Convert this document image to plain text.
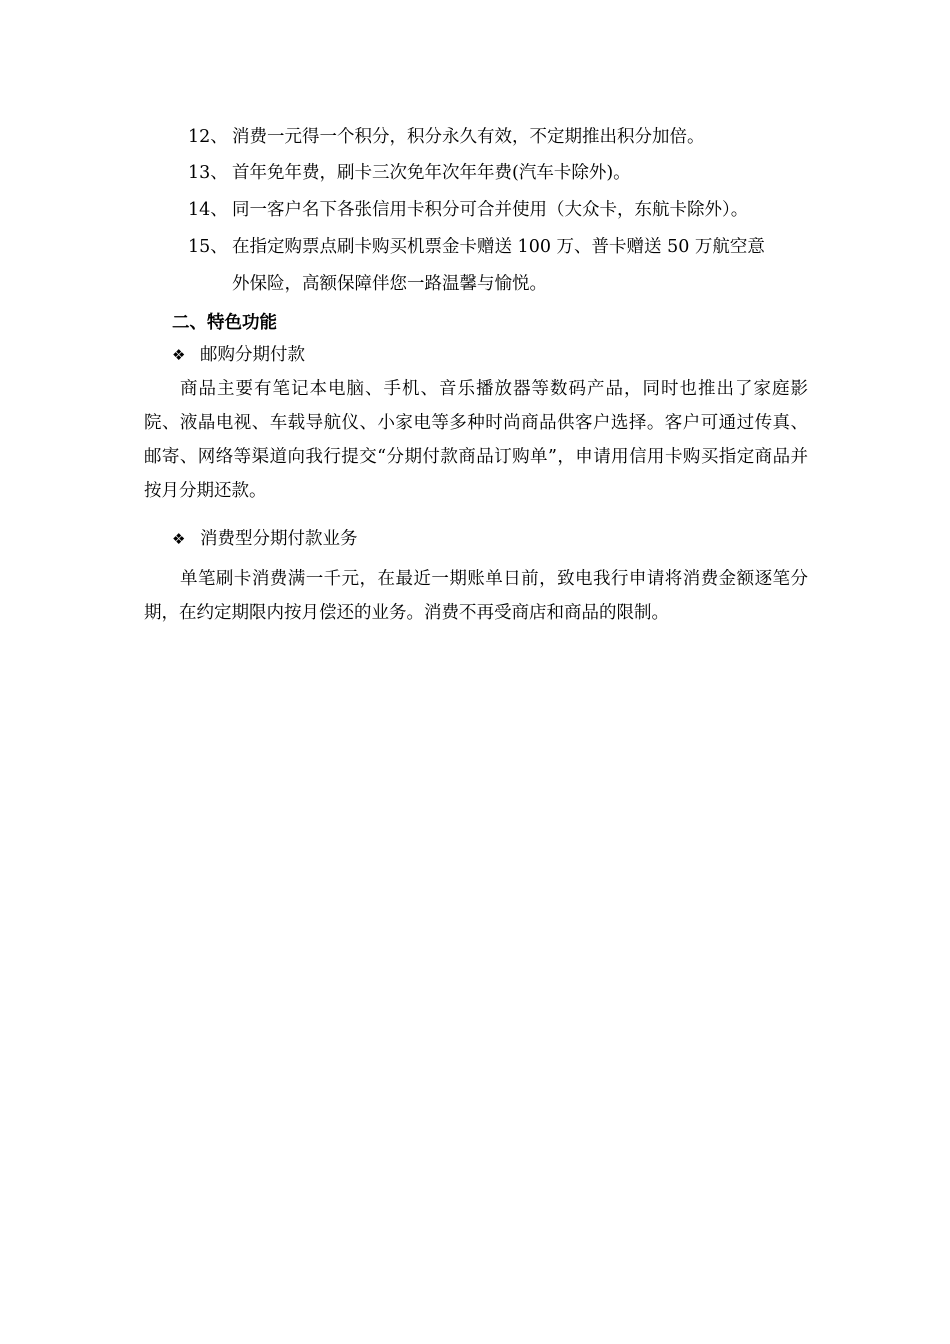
12、 消费一元得一个积分，积分永久有效，不定期推出积分加倍。
13、 首年免年费，刷卡三次免年次年年费(汽车卡除外)。
14、 同一客户名下各张信用卡积分可合并使用（大众卡，东航卡除外）。
15、 在指定购票点刷卡购买机票金卡赠送 100 万、普卡赠送 50 万航空意
外保险，高额保障伴您一路温馨与愉悦。
二、特色功能
❖ 邮购分期付款
商品主要有笔记本电脑、手机、音乐播放器等数码产品，同时也推出了家庭影院、液晶电视、车载导航仪、小家电等多种时尚商品供客户选择。客户可通过传真、邮寄、网络等渠道向我行提交“分期付款商品订购单”，申请用信用卡购买指定商品并按月分期还款。
❖ 消费型分期付款业务
单笔刷卡消费满一千元，在最近一期账单日前，致电我行申请将消费金额逐笔分期，在约定期限内按月偿还的业务。消费不再受商店和商品的限制。
